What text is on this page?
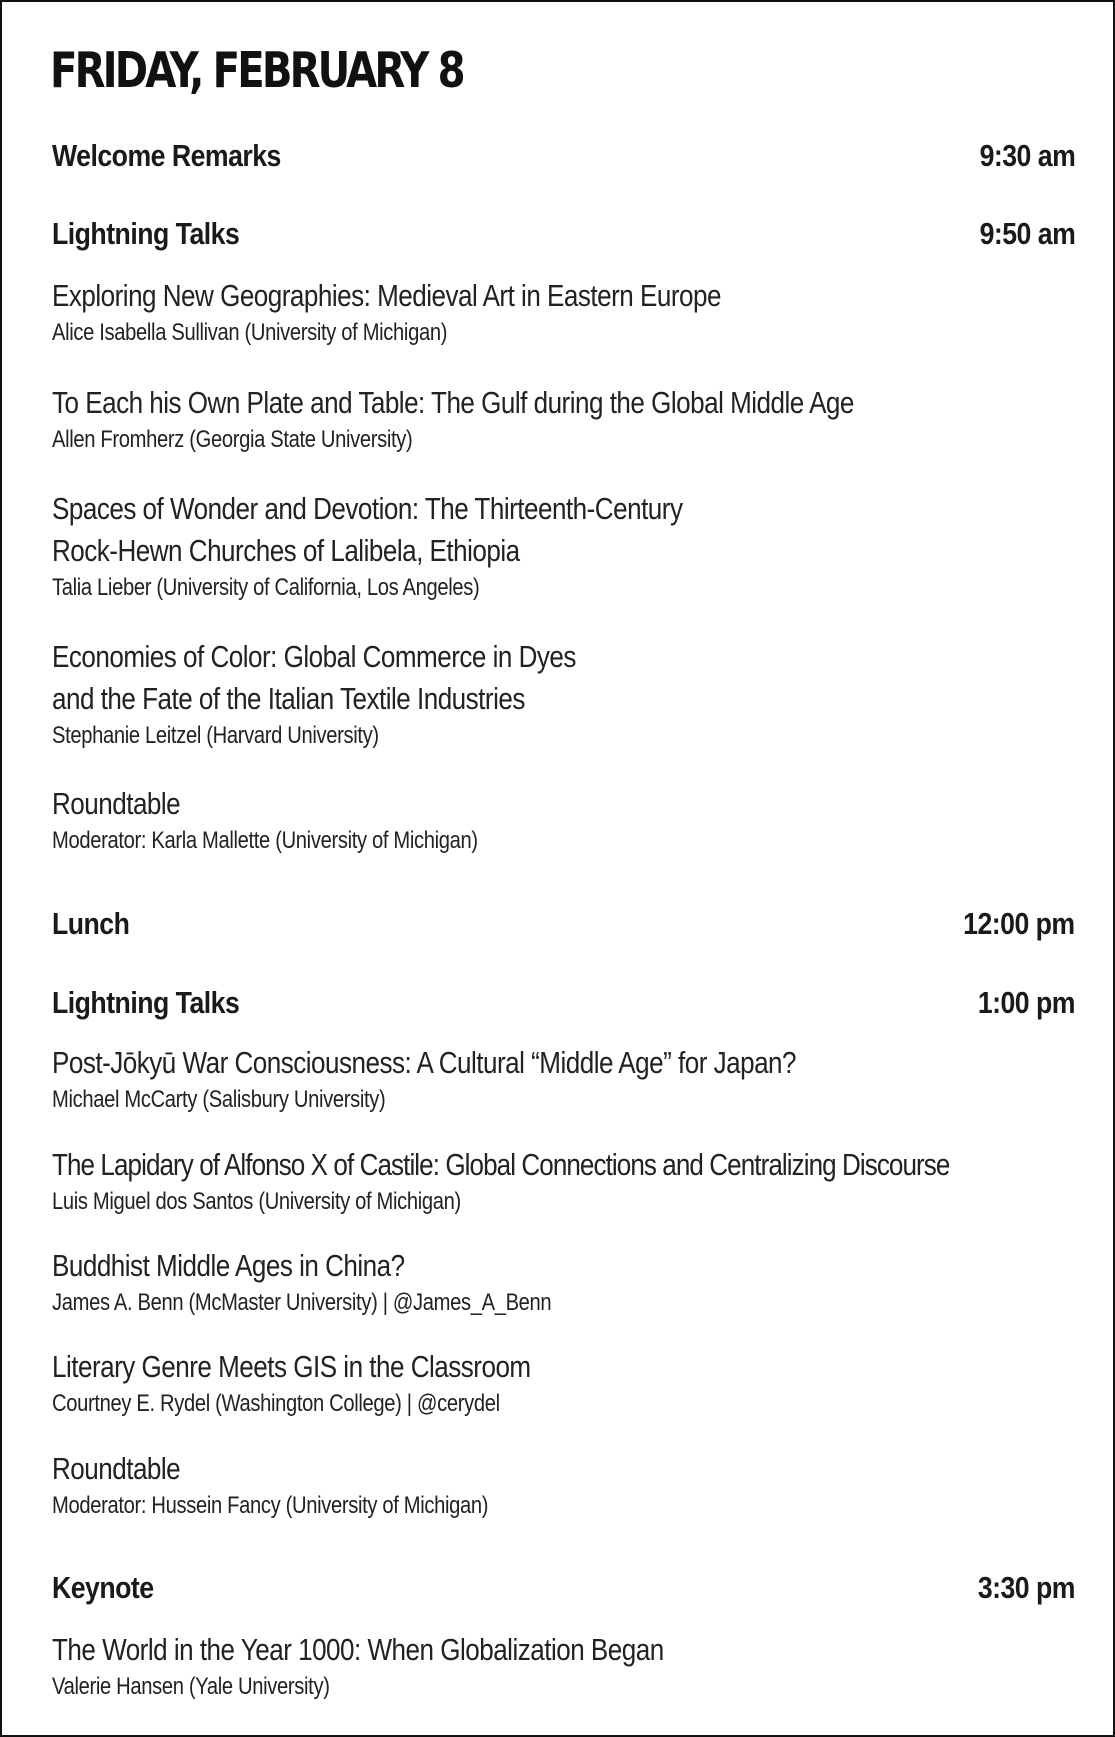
FRIDAY, FEBRUARY 8
Welcome Remarks	9:30 am
Lightning Talks	9:50 am
Exploring New Geographies: Medieval Art in Eastern Europe
Alice Isabella Sullivan (University of Michigan)
To Each his Own Plate and Table: The Gulf during the Global Middle Age
Allen Fromherz (Georgia State University)
Spaces of Wonder and Devotion: The Thirteenth-Century
Rock-Hewn Churches of Lalibela, Ethiopia
Talia Lieber (University of California, Los Angeles)
Economies of Color: Global Commerce in Dyes
and the Fate of the Italian Textile Industries
Stephanie Leitzel (Harvard University)
Roundtable
Moderator: Karla Mallette (University of Michigan)
Lunch	12:00 pm
Lightning Talks	1:00 pm
Post-Jōkyū War Consciousness: A Cultural “Middle Age” for Japan?
Michael McCarty (Salisbury University)
The Lapidary of Alfonso X of Castile: Global Connections and Centralizing Discourse
Luis Miguel dos Santos (University of Michigan)
Buddhist Middle Ages in China?
James A. Benn (McMaster University) | @James_A_Benn
Literary Genre Meets GIS in the Classroom
Courtney E. Rydel (Washington College) | @cerydel
Roundtable
Moderator: Hussein Fancy (University of Michigan)
Keynote	3:30 pm
The World in the Year 1000: When Globalization Began
Valerie Hansen (Yale University)
